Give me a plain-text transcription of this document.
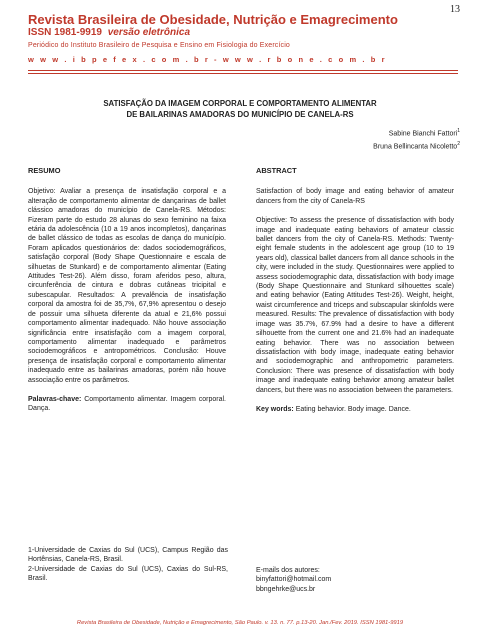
13
Revista Brasileira de Obesidade, Nutrição e Emagrecimento
ISSN 1981-9919 versão eletrônica
Periódico do Instituto Brasileiro de Pesquisa e Ensino em Fisiologia do Exercício
w w w . i b p e f e x . c o m . b r - w w w . r b o n e . c o m . b r
SATISFAÇÃO DA IMAGEM CORPORAL E COMPORTAMENTO ALIMENTAR
DE BAILARINAS AMADORAS DO MUNICÍPIO DE CANELA-RS
Sabine Bianchi Fattori$^1$
Bruna Bellincanta Nicoletto$^2$
RESUMO

Objetivo: Avaliar a presença de insatisfação corporal e a alteração de comportamento alimentar de dançarinas de ballet clássico amadoras do município de Canela-RS. Métodos: Fizeram parte do estudo 28 alunas do sexo feminino na faixa etária da adolescência (10 a 19 anos incompletos), dançarinas de ballet clássico de todas as escolas de dança do município. Foram aplicados questionários de: dados sociodemográficos, satisfação corporal (Body Shape Questionnaire e escala de silhuetas de Stunkard) e de comportamento alimentar (Eating Attitudes Test-26). Além disso, foram aferidos peso, altura, circunferência de cintura e dobras cutâneas tricipital e subescapular. Resultados: A prevalência de insatisfação corporal da amostra foi de 35,7%, 67,9% apresentou o desejo de possuir uma silhueta diferente da atual e 21,6% possui comportamento alimentar inadequado. Não houve associação significância entre insatisfação com a imagem corporal, comportamento alimentar inadequado e parâmetros sociodemográficos e antropométricos. Conclusão: Houve presença de insatisfação corporal e comportamento alimentar inadequado entre as bailarinas amadoras, porém não houve associação entre os parâmetros.

Palavras-chave: Comportamento alimentar. Imagem corporal. Dança.

ABSTRACT

Satisfaction of body image and eating behavior of amateur dancers from the city of Canela-RS

Objective: To assess the presence of dissatisfaction with body image and inadequate eating behaviors of amateur classic ballet dancers from the city of Canela-RS. Methods: Twenty-eight female students in the adolescent age group (10 to 19 years old), classical ballet dancers from all dance schools in the city, were included in the study. Questionnaires were applied to assess sociodemographic data, dissatisfaction with body image (Body Shape Questionnaire and Stunkard silhouettes scale) and eating behavior (Eating Attitudes Test-26). Weight, height, waist circumference and triceps and subscapular skinfolds were measured. Results: The prevalence of dissatisfaction with body image was 35.7%, 67.9% had a desire to have a different silhouette from the current one and 21.6% had an inadequate eating behavior. There was no association between dissatisfaction with body image, inadequate eating behavior and sociodemographic and anthropometric parameters. Conclusion: There was presence of dissatisfaction with body image and inadequate eating behavior among amateur ballet dancers, but there was no association between the parameters.

Key words: Eating behavior. Body image. Dance.

1-Universidade de Caxias do Sul (UCS), Campus Região das Hortênsias, Canela-RS, Brasil.

2-Universidade de Caxias do Sul (UCS), Caxias do Sul-RS, Brasil.

E-mails dos autores:
binyfattori@hotmail.com
bbngehrke@ucs.br
Revista Brasileira de Obesidade, Nutrição e Emagrecimento, São Paulo. v. 13. n. 77. p.13-20. Jan./Fev. 2019. ISSN 1981-9919
